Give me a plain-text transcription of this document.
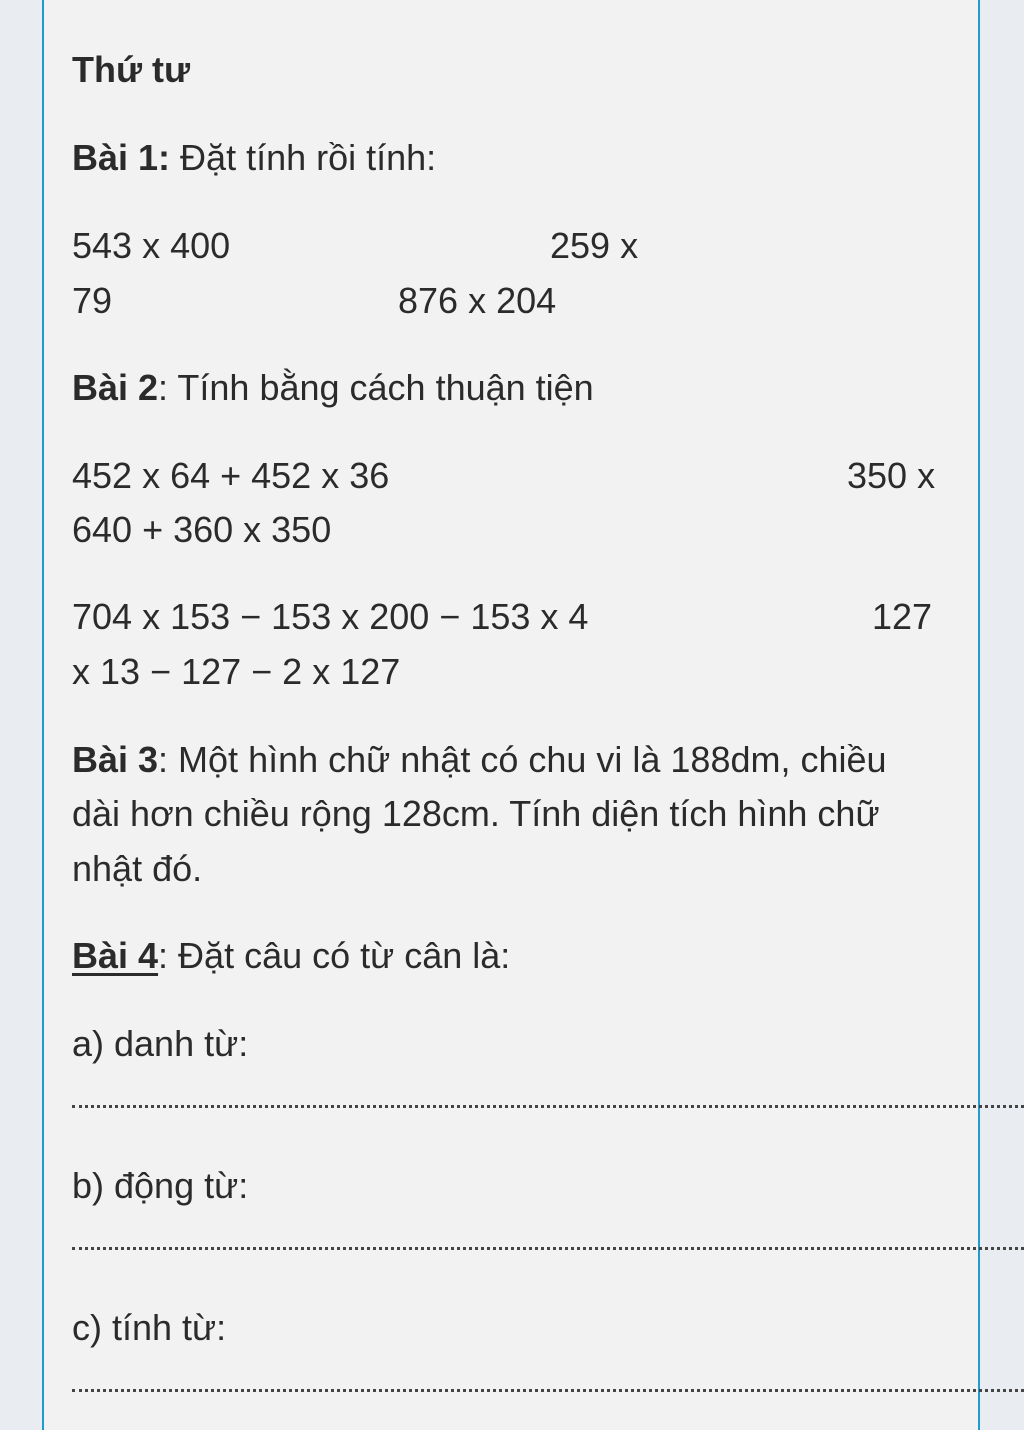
Thứ tư
Bài 1: Đặt tính rồi tính:
543 x 400	259 x
79	876 x 204
Bài 2: Tính bằng cách thuận tiện
452 x 64 + 452 x 36	350 x
640 + 360 x 350
704 x 153 − 153 x 200 − 153 x 4	127
x 13 − 127 − 2 x 127
Bài 3: Một hình chữ nhật có chu vi là 188dm, chiều
dài hơn chiều rộng 128cm. Tính diện tích hình chữ
nhật đó.
Bài 4: Đặt câu có từ cân là:
a) danh từ:
b) động từ:
c) tính từ:
